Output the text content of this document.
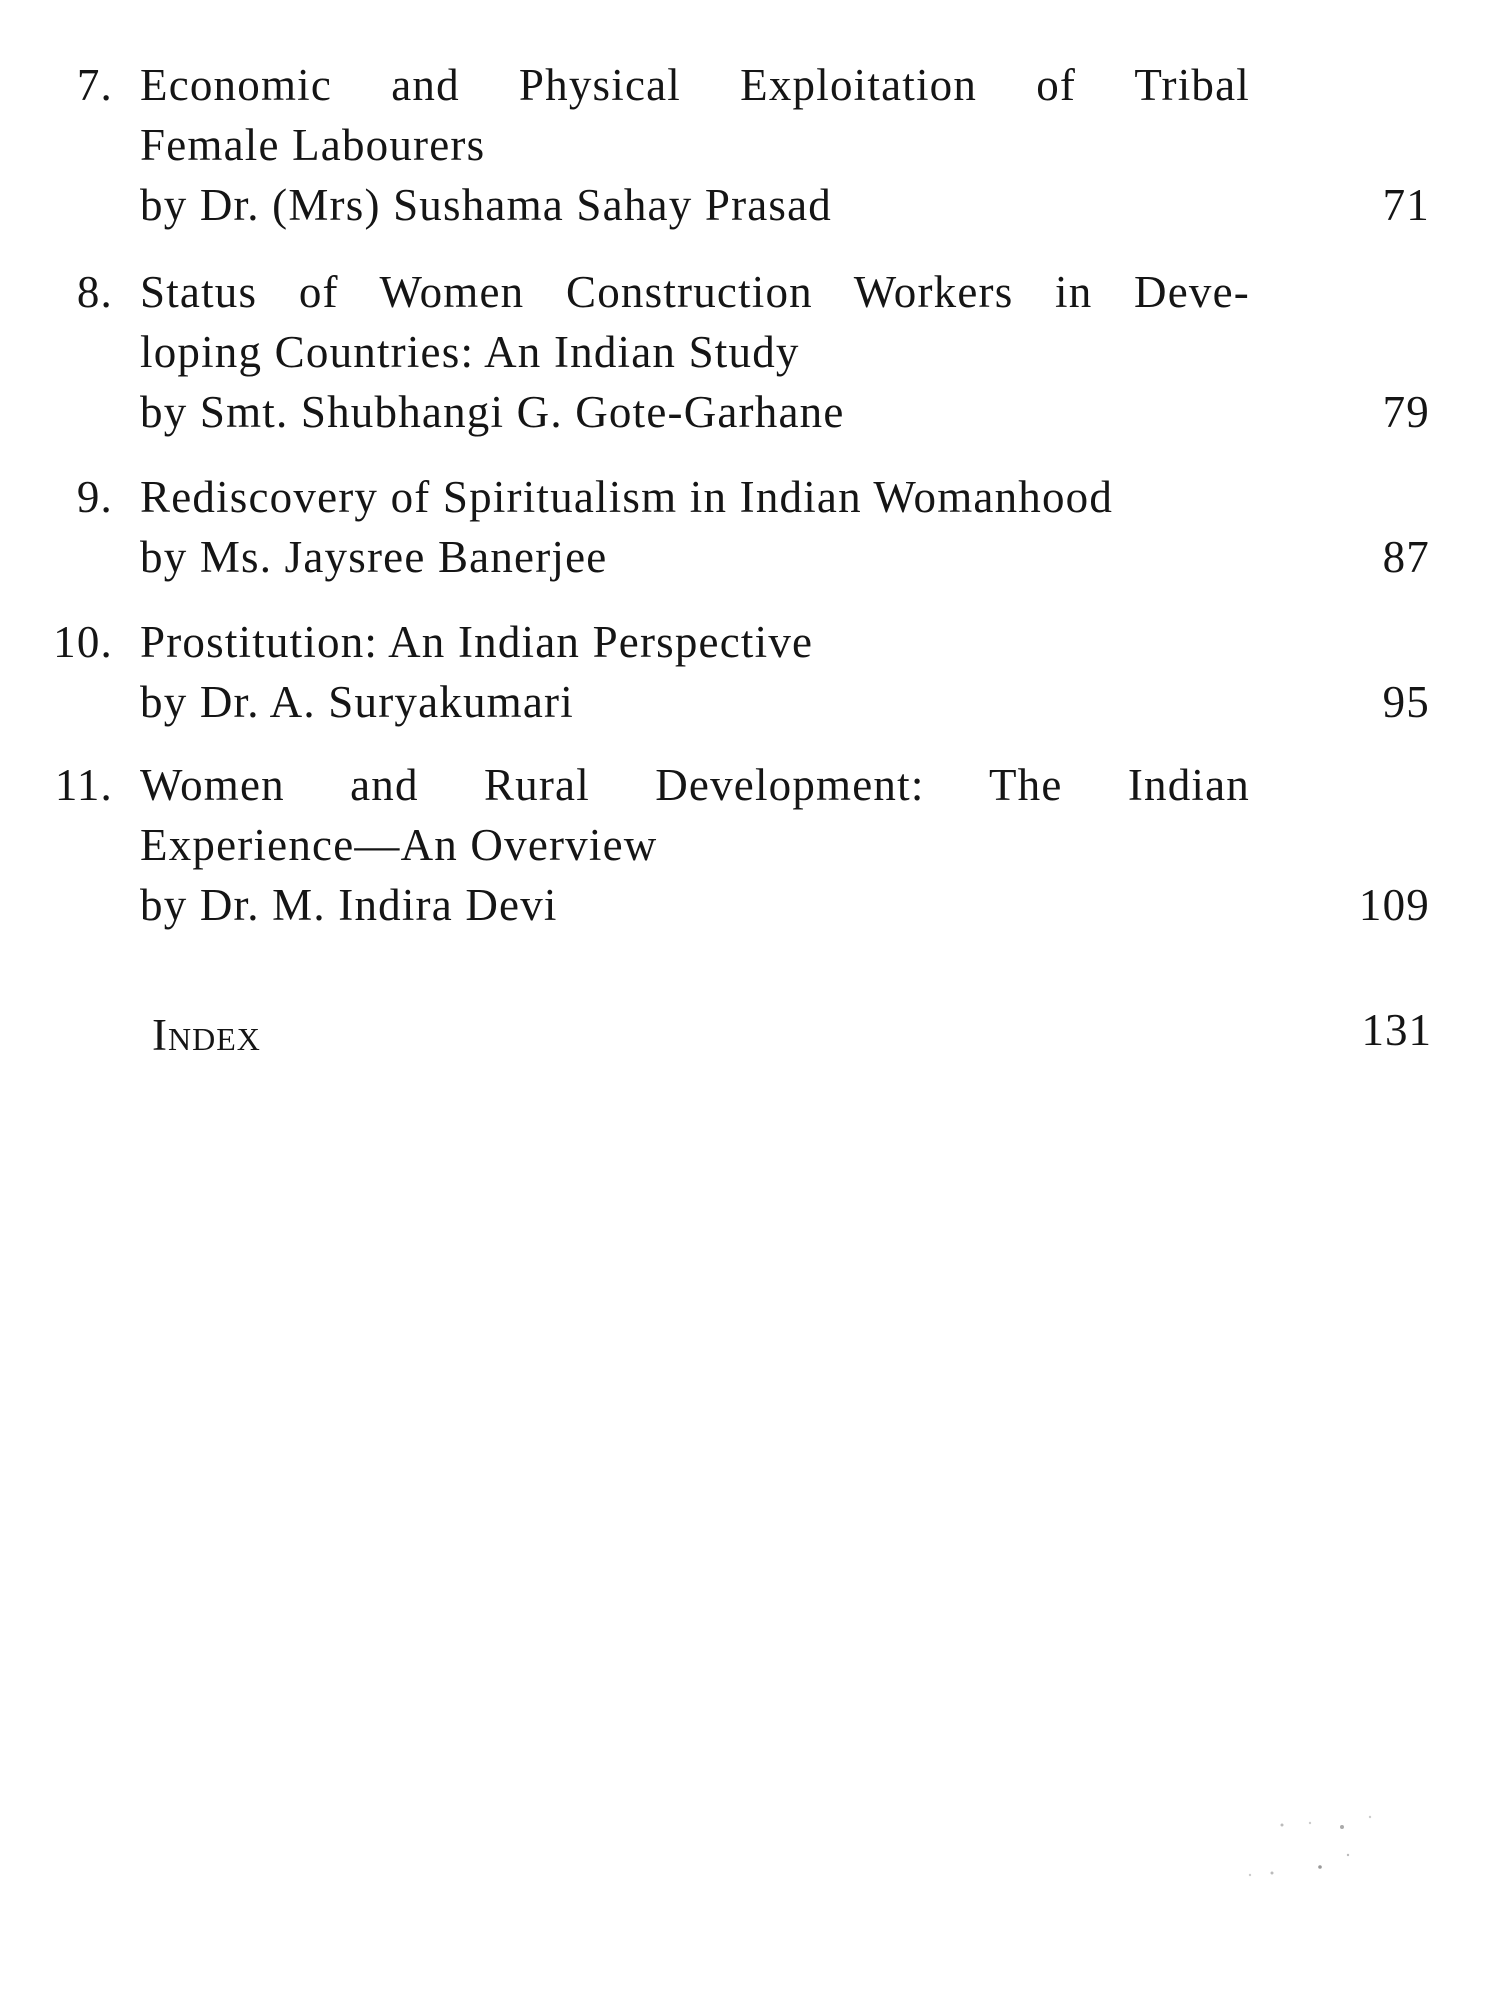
7. Economic and Physical Exploitation of Tribal
Female Labourers
by Dr. (Mrs) Sushama Sahay Prasad	71
8. Status of Women Construction Workers in Deve-
loping Countries: An Indian Study
by Smt. Shubhangi G. Gote-Garhane	79
9. Rediscovery of Spiritualism in Indian Womanhood
by Ms. Jaysree Banerjee	87
10. Prostitution: An Indian Perspective
by Dr. A. Suryakumari	95
11. Women and Rural Development: The Indian
Experience—An Overview
by Dr. M. Indira Devi	109
Index	131
